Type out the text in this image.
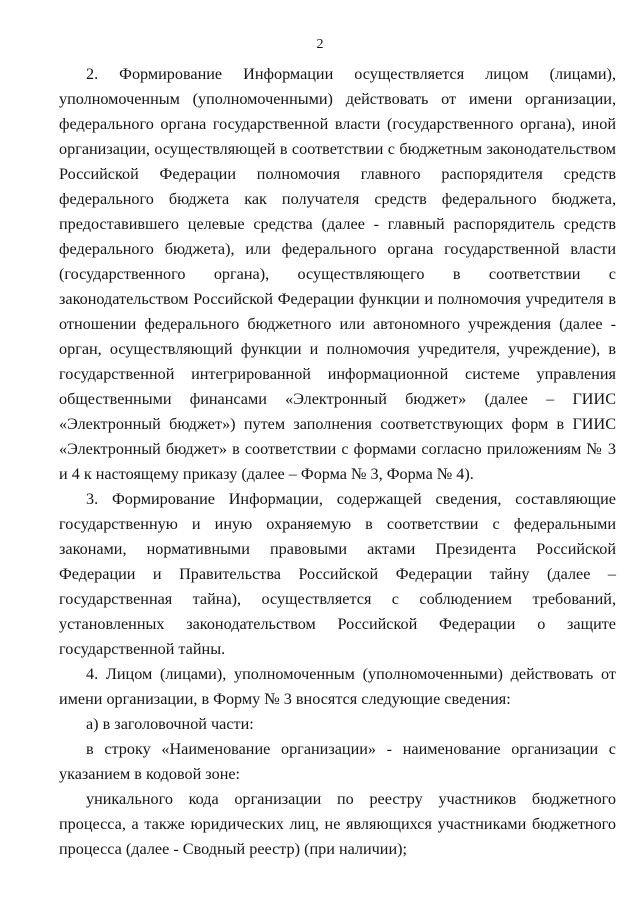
2

2. Формирование Информации осуществляется лицом (лицами), уполномоченным (уполномоченными) действовать от имени организации, федерального органа государственной власти (государственного органа), иной организации, осуществляющей в соответствии с бюджетным законодательством Российской Федерации полномочия главного распорядителя средств федерального бюджета как получателя средств федерального бюджета, предоставившего целевые средства (далее - главный распорядитель средств федерального бюджета), или федерального органа государственной власти (государственного органа), осуществляющего в соответствии с законодательством Российской Федерации функции и полномочия учредителя в отношении федерального бюджетного или автономного учреждения (далее - орган, осуществляющий функции и полномочия учредителя, учреждение), в государственной интегрированной информационной системе управления общественными финансами «Электронный бюджет» (далее – ГИИС «Электронный бюджет») путем заполнения соответствующих форм в ГИИС «Электронный бюджет» в соответствии с формами согласно приложениям № 3 и 4 к настоящему приказу (далее – Форма № 3, Форма № 4).

3. Формирование Информации, содержащей сведения, составляющие государственную и иную охраняемую в соответствии с федеральными законами, нормативными правовыми актами Президента Российской Федерации и Правительства Российской Федерации тайну (далее – государственная тайна), осуществляется с соблюдением требований, установленных законодательством Российской Федерации о защите государственной тайны.

4. Лицом (лицами), уполномоченным (уполномоченными) действовать от имени организации, в Форму № 3 вносятся следующие сведения:

а) в заголовочной части:

в строку «Наименование организации» - наименование организации с указанием в кодовой зоне:

уникального кода организации по реестру участников бюджетного процесса, а также юридических лиц, не являющихся участниками бюджетного процесса (далее - Сводный реестр) (при наличии);
